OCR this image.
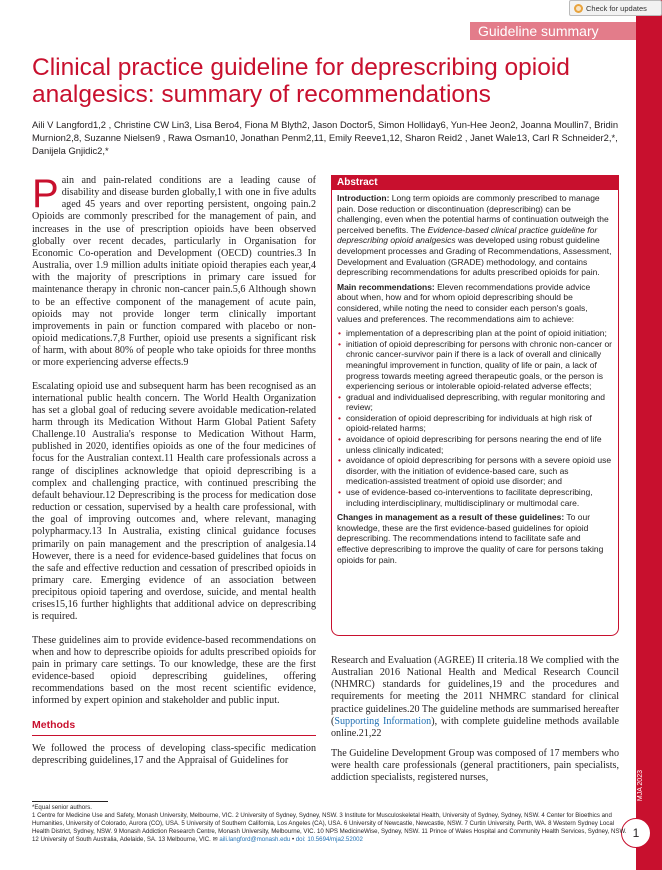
MJA 2023
1
Check for updates
Guideline summary
Clinical practice guideline for deprescribing opioid analgesics: summary of recommendations
Aili V Langford1,2 , Christine CW Lin3, Lisa Bero4, Fiona M Blyth2, Jason Doctor5, Simon Holliday6, Yun-Hee Jeon2, Joanna Moullin7, Bridin Murnion2,8, Suzanne Nielsen9 , Rawa Osman10, Jonathan Penm2,11, Emily Reeve1,12, Sharon Reid2 , Janet Wale13, Carl R Schneider2,*, Danijela Gnjidic2,*

Pain and pain-related conditions are a leading cause of disability and disease burden globally,1 with one in five adults aged 45 years and over reporting persistent, ongoing pain.2 Opioids are commonly prescribed for the management of pain, and increases in the use of prescription opioids have been observed globally over recent decades, particularly in Organisation for Economic Co-operation and Development (OECD) countries.3 In Australia, over 1.9 million adults initiate opioid therapies each year,4 with the majority of prescriptions in primary care issued for maintenance therapy in chronic non-cancer pain.5,6 Although shown to be an effective component of the management of acute pain, opioids may not provide longer term clinically important improvements in pain or function compared with placebo or non-opioid medications.7,8 Further, opioid use presents a significant risk of harm, with about 80% of people who take opioids for three months or more experiencing adverse effects.9

Escalating opioid use and subsequent harm has been recognised as an international public health concern. The World Health Organization has set a global goal of reducing severe avoidable medication-related harm through its Medication Without Harm Global Patient Safety Challenge.10 Australia's response to Medication Without Harm, published in 2020, identifies opioids as one of the four medicines of focus for the Australian context.11 Health care professionals across a range of disciplines acknowledge that opioid deprescribing is a complex and challenging practice, with continued prescribing the default behaviour.12 Deprescribing is the process for medication dose reduction or cessation, supervised by a health care professional, with the goal of improving outcomes and, where relevant, managing polypharmacy.13 In Australia, existing clinical guidance focuses primarily on pain management and the prescription of analgesia.14 However, there is a need for evidence-based guidelines that focus on the safe and effective reduction and cessation of prescribed opioids in primary care. Emerging evidence of an association between precipitous opioid tapering and overdose, suicide, and mental health crises15,16 further highlights that additional advice on deprescribing is required.

These guidelines aim to provide evidence-based recommendations on when and how to deprescribe opioids for adults prescribed opioids for pain in primary care settings. To our knowledge, these are the first evidence-based opioid deprescribing guidelines, offering recommendations based on the most recent scientific evidence, informed by expert opinion and stakeholder and public input.

Methods

We followed the process of developing class-specific medication deprescribing guidelines,17 and the Appraisal of Guidelines for

Abstract

Introduction: Long term opioids are commonly prescribed to manage pain. Dose reduction or discontinuation (deprescribing) can be challenging, even when the potential harms of continuation outweigh the perceived benefits. The Evidence-based clinical practice guideline for deprescribing opioid analgesics was developed using robust guideline development processes and Grading of Recommendations, Assessment, Development and Evaluation (GRADE) methodology, and contains deprescribing recommendations for adults prescribed opioids for pain.

Main recommendations: Eleven recommendations provide advice about when, how and for whom opioid deprescribing should be considered, while noting the need to consider each person's goals, values and preferences. The recommendations aim to achieve:

• implementation of a deprescribing plan at the point of opioid initiation;
• initiation of opioid deprescribing for persons with chronic non-cancer or chronic cancer-survivor pain if there is a lack of overall and clinically meaningful improvement in function, quality of life or pain, a lack of progress towards meeting agreed therapeutic goals, or the person is experiencing serious or intolerable opioid-related adverse effects;
• gradual and individualised deprescribing, with regular monitoring and review;
• consideration of opioid deprescribing for individuals at high risk of opioid-related harms;
• avoidance of opioid deprescribing for persons nearing the end of life unless clinically indicated;
• avoidance of opioid deprescribing for persons with a severe opioid use disorder, with the initiation of evidence-based care, such as medication-assisted treatment of opioid use disorder; and
• use of evidence-based co-interventions to facilitate deprescribing, including interdisciplinary, multidisciplinary or multimodal care.

Changes in management as a result of these guidelines: To our knowledge, these are the first evidence-based guidelines for opioid deprescribing. The recommendations intend to facilitate safe and effective deprescribing to improve the quality of care for persons taking opioids for pain.

Research and Evaluation (AGREE) II criteria.18 We complied with the Australian 2016 National Health and Medical Research Council (NHMRC) standards for guidelines,19 and the procedures and requirements for meeting the 2011 NHMRC standard for clinical practice guidelines.20 The guideline methods are summarised hereafter (Supporting Information), with complete guideline methods available online.21,22

The Guideline Development Group was composed of 17 members who were health care professionals (general practitioners, pain specialists, addiction specialists, registered nurses,

*Equal senior authors.
1 Centre for Medicine Use and Safety, Monash University, Melbourne, VIC. 2 University of Sydney, Sydney, NSW. 3 Institute for Musculoskeletal Health, University of Sydney, Sydney, NSW. 4 Center for Bioethics and Humanities, University of Colorado, Aurora (CO), USA. 5 University of Southern California, Los Angeles (CA), USA. 6 University of Newcastle, Newcastle, NSW. 7 Curtin University, Perth, WA. 8 Western Sydney Local Health District, Sydney, NSW. 9 Monash Addiction Research Centre, Monash University, Melbourne, VIC. 10 NPS MedicineWise, Sydney, NSW. 11 Prince of Wales Hospital and Community Health Services, Sydney, NSW. 12 University of South Australia, Adelaide, SA. 13 Melbourne, VIC. ✉ aili.langford@monash.edu • doi: 10.5694/mja2.52002
